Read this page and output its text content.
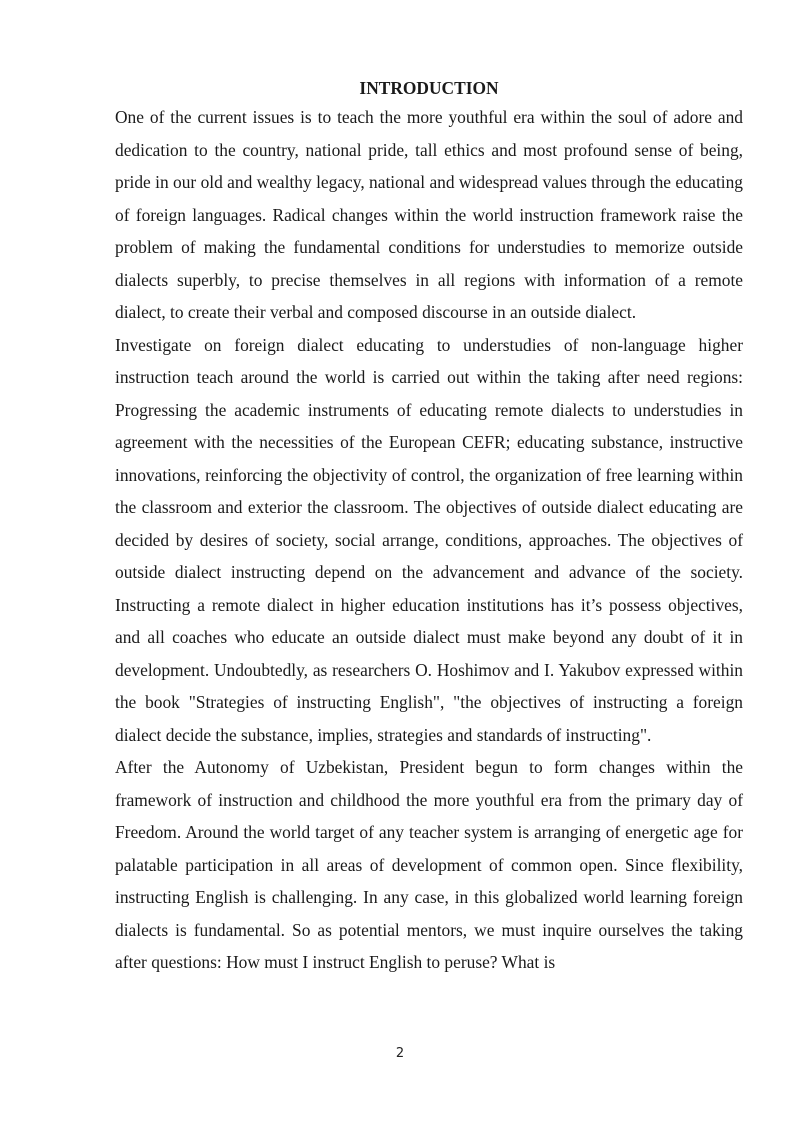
INTRODUCTION

One of the current issues is to teach the more youthful era within the soul of adore and dedication to the country, national pride, tall ethics and most profound sense of being, pride in our old and wealthy legacy, national and widespread values through the educating of foreign languages. Radical changes within the world instruction framework raise the problem of making the fundamental conditions for understudies to memorize outside dialects superbly, to precise themselves in all regions with information of a remote dialect, to create their verbal and composed discourse in an outside dialect.

Investigate on foreign dialect educating to understudies of non-language higher instruction teach around the world is carried out within the taking after need regions: Progressing the academic instruments of educating remote dialects to understudies in agreement with the necessities of the European CEFR; educating substance, instructive innovations, reinforcing the objectivity of control, the organization of free learning within the classroom and exterior the classroom. The objectives of outside dialect educating are decided by desires of society, social arrange, conditions, approaches. The objectives of outside dialect instructing depend on the advancement and advance of the society. Instructing a remote dialect in higher education institutions has it’s possess objectives, and all coaches who educate an outside dialect must make beyond any doubt of it in development. Undoubtedly, as researchers O. Hoshimov and I. Yakubov expressed within the book "Strategies of instructing English", "the objectives of instructing a foreign dialect decide the substance, implies, strategies and standards of instructing".

After the Autonomy of Uzbekistan, President begun to form changes within the framework of instruction and childhood the more youthful era from the primary day of Freedom. Around the world target of any teacher system is arranging of energetic age for palatable participation in all areas of development of common open. Since flexibility, instructing English is challenging. In any case, in this globalized world learning foreign dialects is fundamental. So as potential mentors, we must inquire ourselves the taking after questions: How must I instruct English to peruse? What is

2
